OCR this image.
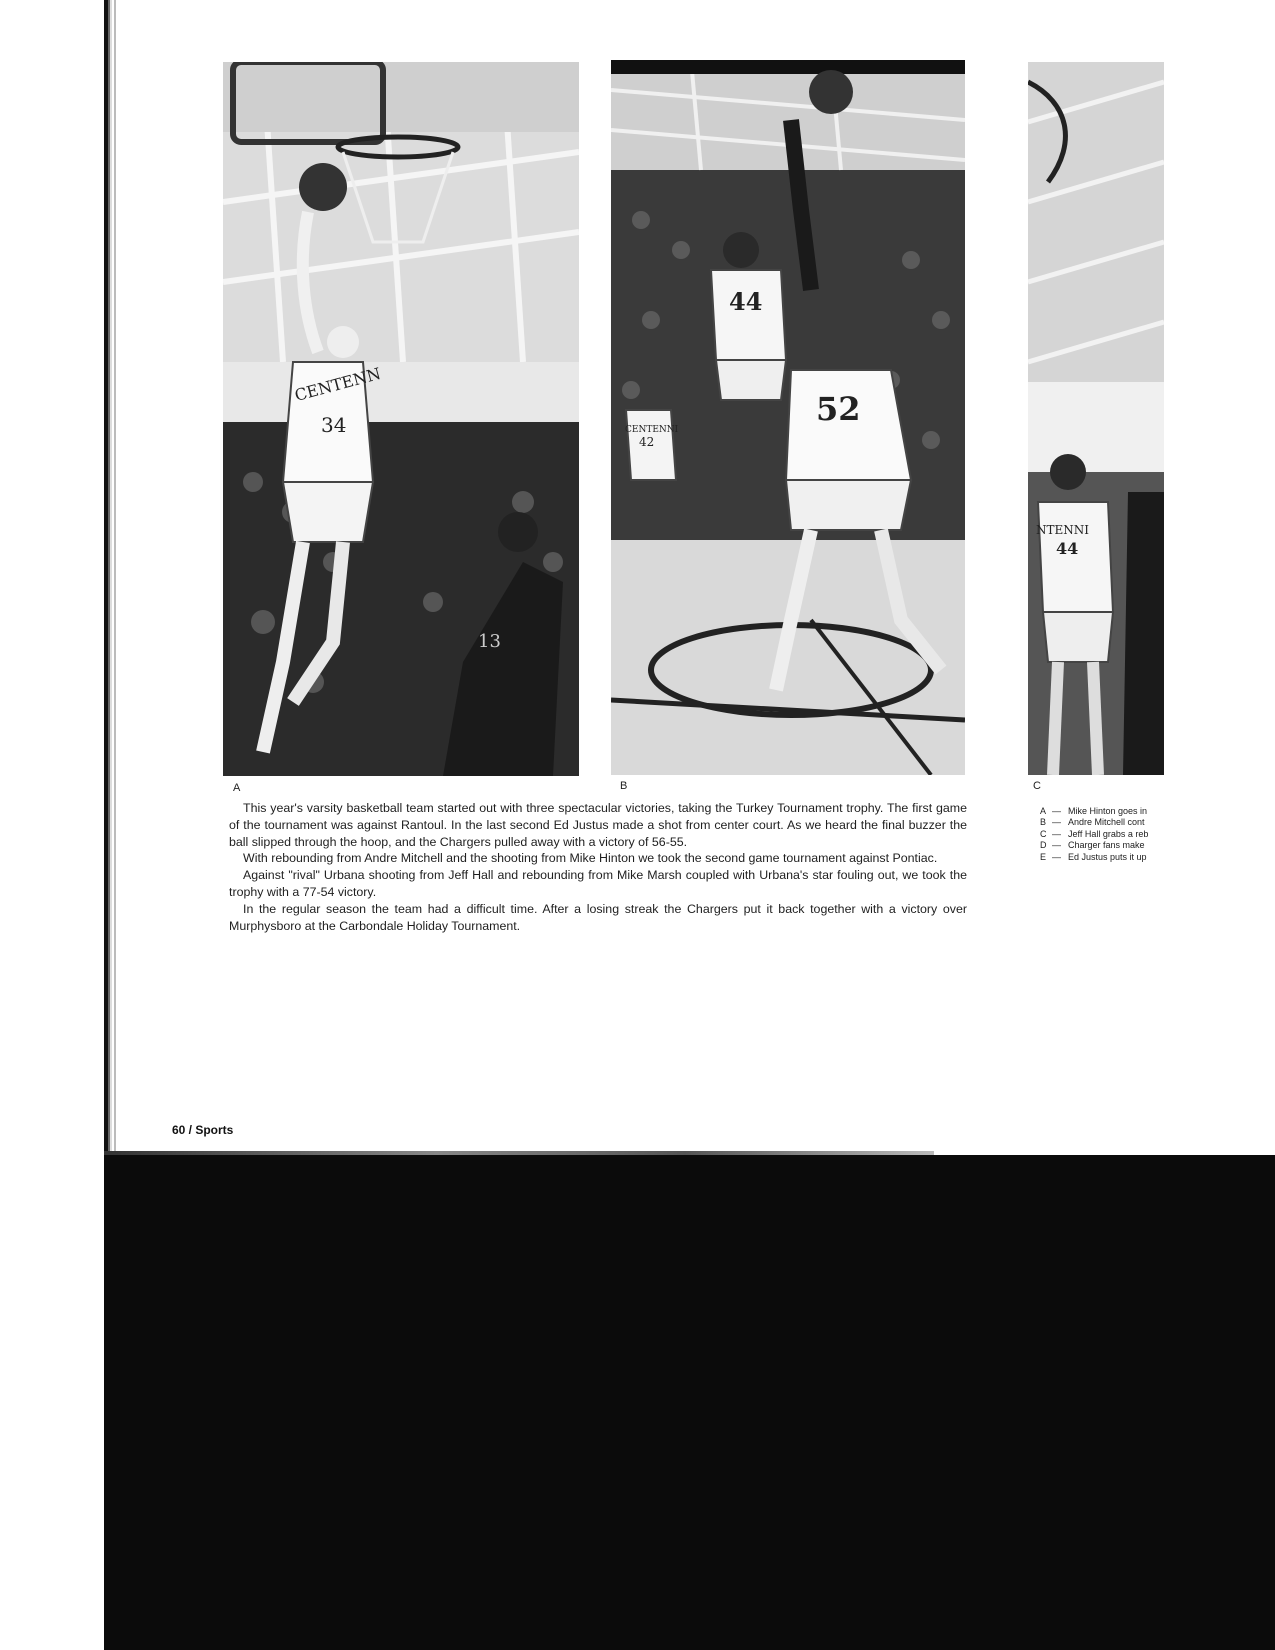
CENTENN
34
13
A
44
52
CENTENNI
42
B
NTENNI
44
C

This year's varsity basketball team started out with three spectacular victories, taking the Turkey Tournament trophy. The first game of the tournament was against Rantoul. In the last second Ed Justus made a shot from center court. As we heard the final buzzer the ball slipped through the hoop, and the Chargers pulled away with a victory of 56-55.

With rebounding from Andre Mitchell and the shooting from Mike Hinton we took the second game tournament against Pontiac.

Against "rival" Urbana shooting from Jeff Hall and rebounding from Mike Marsh coupled with Urbana's star fouling out, we took the trophy with a 77-54 victory.

In the regular season the team had a difficult time. After a losing streak the Chargers put it back together with a victory over Murphysboro at the Carbondale Holiday Tournament.

A — Mike Hinton goes in
B — Andre Mitchell cont
C — Jeff Hall grabs a reb
D — Charger fans make
E — Ed Justus puts it up
60 / Sports
